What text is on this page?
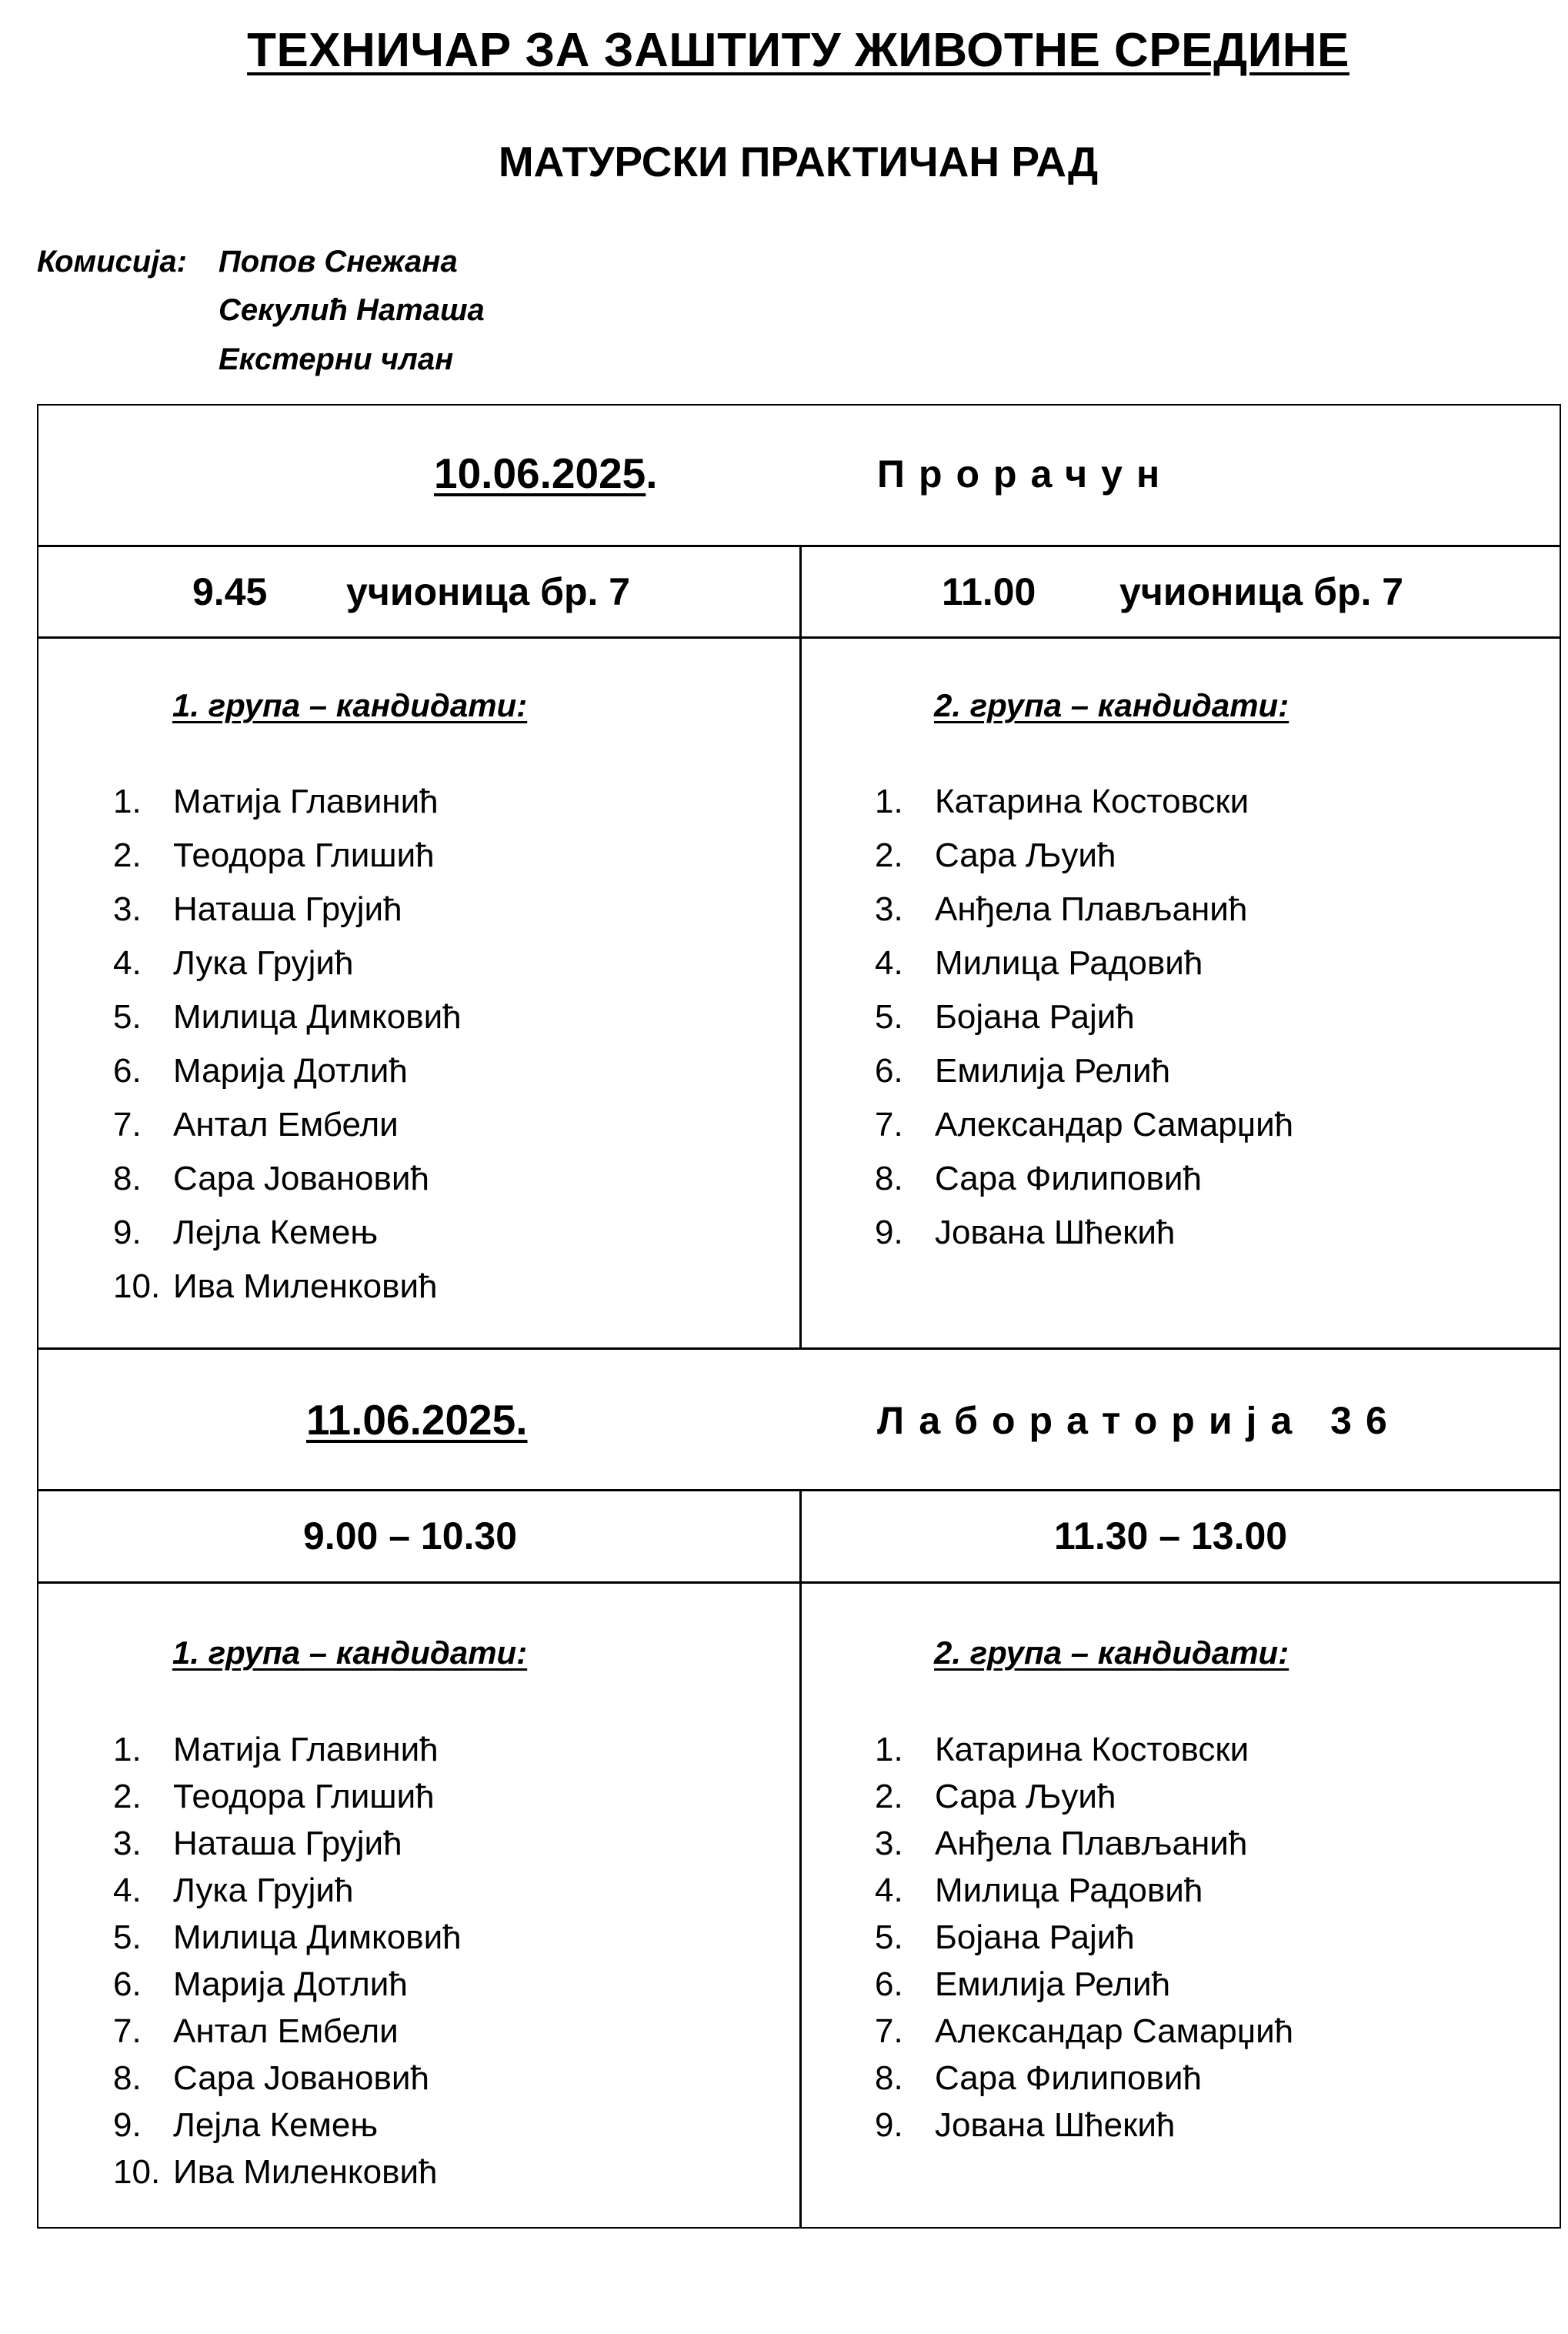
ТЕХНИЧАР ЗА ЗАШТИТУ ЖИВОТНЕ СРЕДИНЕ
МАТУРСКИ ПРАКТИЧАН РАД
Комисија: Попов Снежана
Секулић Наташа
Екстерни члан
10.06.2025.	Прорачун
9.45 учионица бр. 7	11.00 учионица бр. 7
1. група – кандидати:
1. Матија Главинић
2. Теодора Глишић
3. Наташа Грујић
4. Лука Грујић
5. Милица Димковић
6. Марија Дотлић
7. Антал Ембели
8. Сара Јовановић
9. Лејла Кемењ
10. Ива Миленковић
2. група – кандидати:
1. Катарина Костовски
2. Сара Љуић
3. Анђела Плављанић
4. Милица Радовић
5. Бојана Рајић
6. Емилија Релић
7. Александар Самарџић
8. Сара Филиповић
9. Јована Шћекић
11.06.2025.	Лабораторија 36
9.00 – 10.30	11.30 – 13.00
1. група – кандидати:
1. Матија Главинић
2. Теодора Глишић
3. Наташа Грујић
4. Лука Грујић
5. Милица Димковић
6. Марија Дотлић
7. Антал Ембели
8. Сара Јовановић
9. Лејла Кемењ
10. Ива Миленковић
2. група – кандидати:
1. Катарина Костовски
2. Сара Љуић
3. Анђела Плављанић
4. Милица Радовић
5. Бојана Рајић
6. Емилија Релић
7. Александар Самарџић
8. Сара Филиповић
9. Јована Шћекић
